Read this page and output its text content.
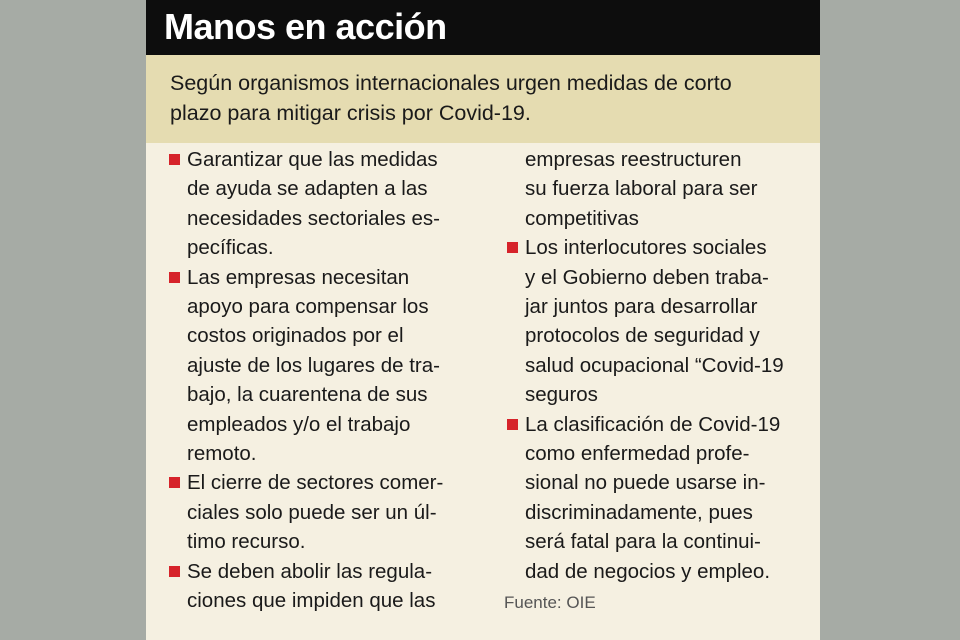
Manos en acción
Según organismos internacionales urgen medidas de corto
plazo para mitigar crisis por Covid-19.
Garantizar que las medidas
de ayuda se adapten a las
necesidades sectoriales es-
pecíficas.
Las empresas necesitan
apoyo para compensar los
costos originados por el
ajuste de los lugares de tra-
bajo, la cuarentena de sus
empleados y/o el trabajo
remoto.
El cierre de sectores comer-
ciales solo puede ser un úl-
timo recurso.
Se deben abolir las regula-
ciones que impiden que las
empresas reestructuren
su fuerza laboral para ser
competitivas
Los interlocutores sociales
y el Gobierno deben traba-
jar juntos para desarrollar
protocolos de seguridad y
salud ocupacional “Covid-19
seguros
La clasificación de Covid-19
como enfermedad profe-
sional no puede usarse in-
discriminadamente, pues
será fatal para la continui-
dad de negocios y empleo.
Fuente: OIE
